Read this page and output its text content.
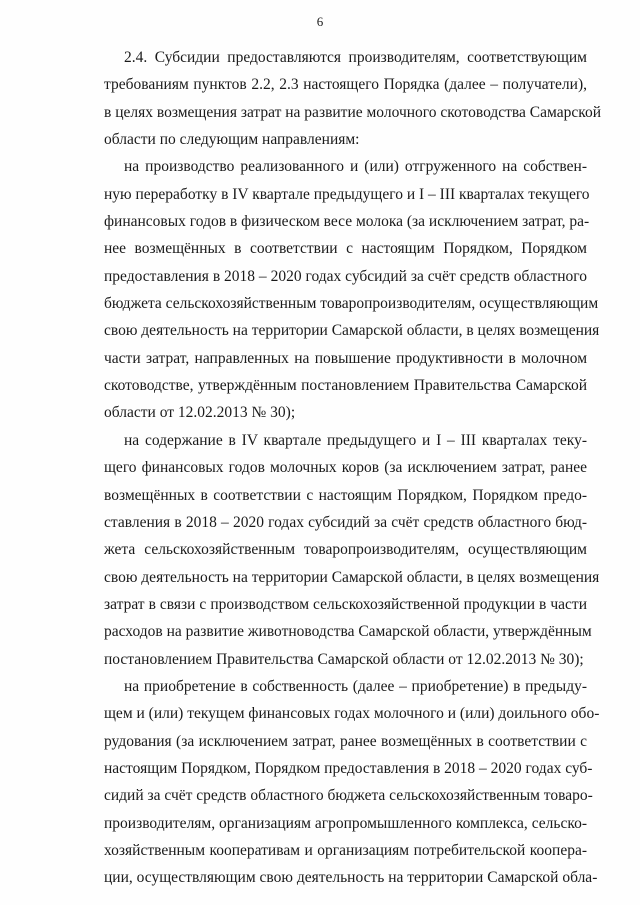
6
2.4. Субсидии предоставляются производителям, соответствующим
требованиям пунктов 2.2, 2.3 настоящего Порядка (далее – получатели),
в целях возмещения затрат на развитие молочного скотоводства Самарской
области по следующим направлениям:
на производство реализованного и (или) отгруженного на собствен-
ную переработку в IV квартале предыдущего и I – III кварталах текущего
финансовых годов в физическом весе молока (за исключением затрат, ра-
нее возмещённых в соответствии с настоящим Порядком, Порядком
предоставления в 2018 – 2020 годах субсидий за счёт средств областного
бюджета сельскохозяйственным товаропроизводителям, осуществляющим
свою деятельность на территории Самарской области, в целях возмещения
части затрат, направленных на повышение продуктивности в молочном
скотоводстве, утверждённым постановлением Правительства Самарской
области от 12.02.2013 № 30);
на содержание в IV квартале предыдущего и I – III кварталах теку-
щего финансовых годов молочных коров (за исключением затрат, ранее
возмещённых в соответствии с настоящим Порядком, Порядком предо-
ставления в 2018 – 2020 годах субсидий за счёт средств областного бюд-
жета сельскохозяйственным товаропроизводителям, осуществляющим
свою деятельность на территории Самарской области, в целях возмещения
затрат в связи с производством сельскохозяйственной продукции в части
расходов на развитие животноводства Самарской области, утверждённым
постановлением Правительства Самарской области от 12.02.2013 № 30);
на приобретение в собственность (далее – приобретение) в предыду-
щем и (или) текущем финансовых годах молочного и (или) доильного обо-
рудования (за исключением затрат, ранее возмещённых в соответствии с
настоящим Порядком, Порядком предоставления в 2018 – 2020 годах суб-
сидий за счёт средств областного бюджета сельскохозяйственным товаро-
производителям, организациям агропромышленного комплекса, сельско-
хозяйственным кооперативам и организациям потребительской коопера-
ции, осуществляющим свою деятельность на территории Самарской обла-
